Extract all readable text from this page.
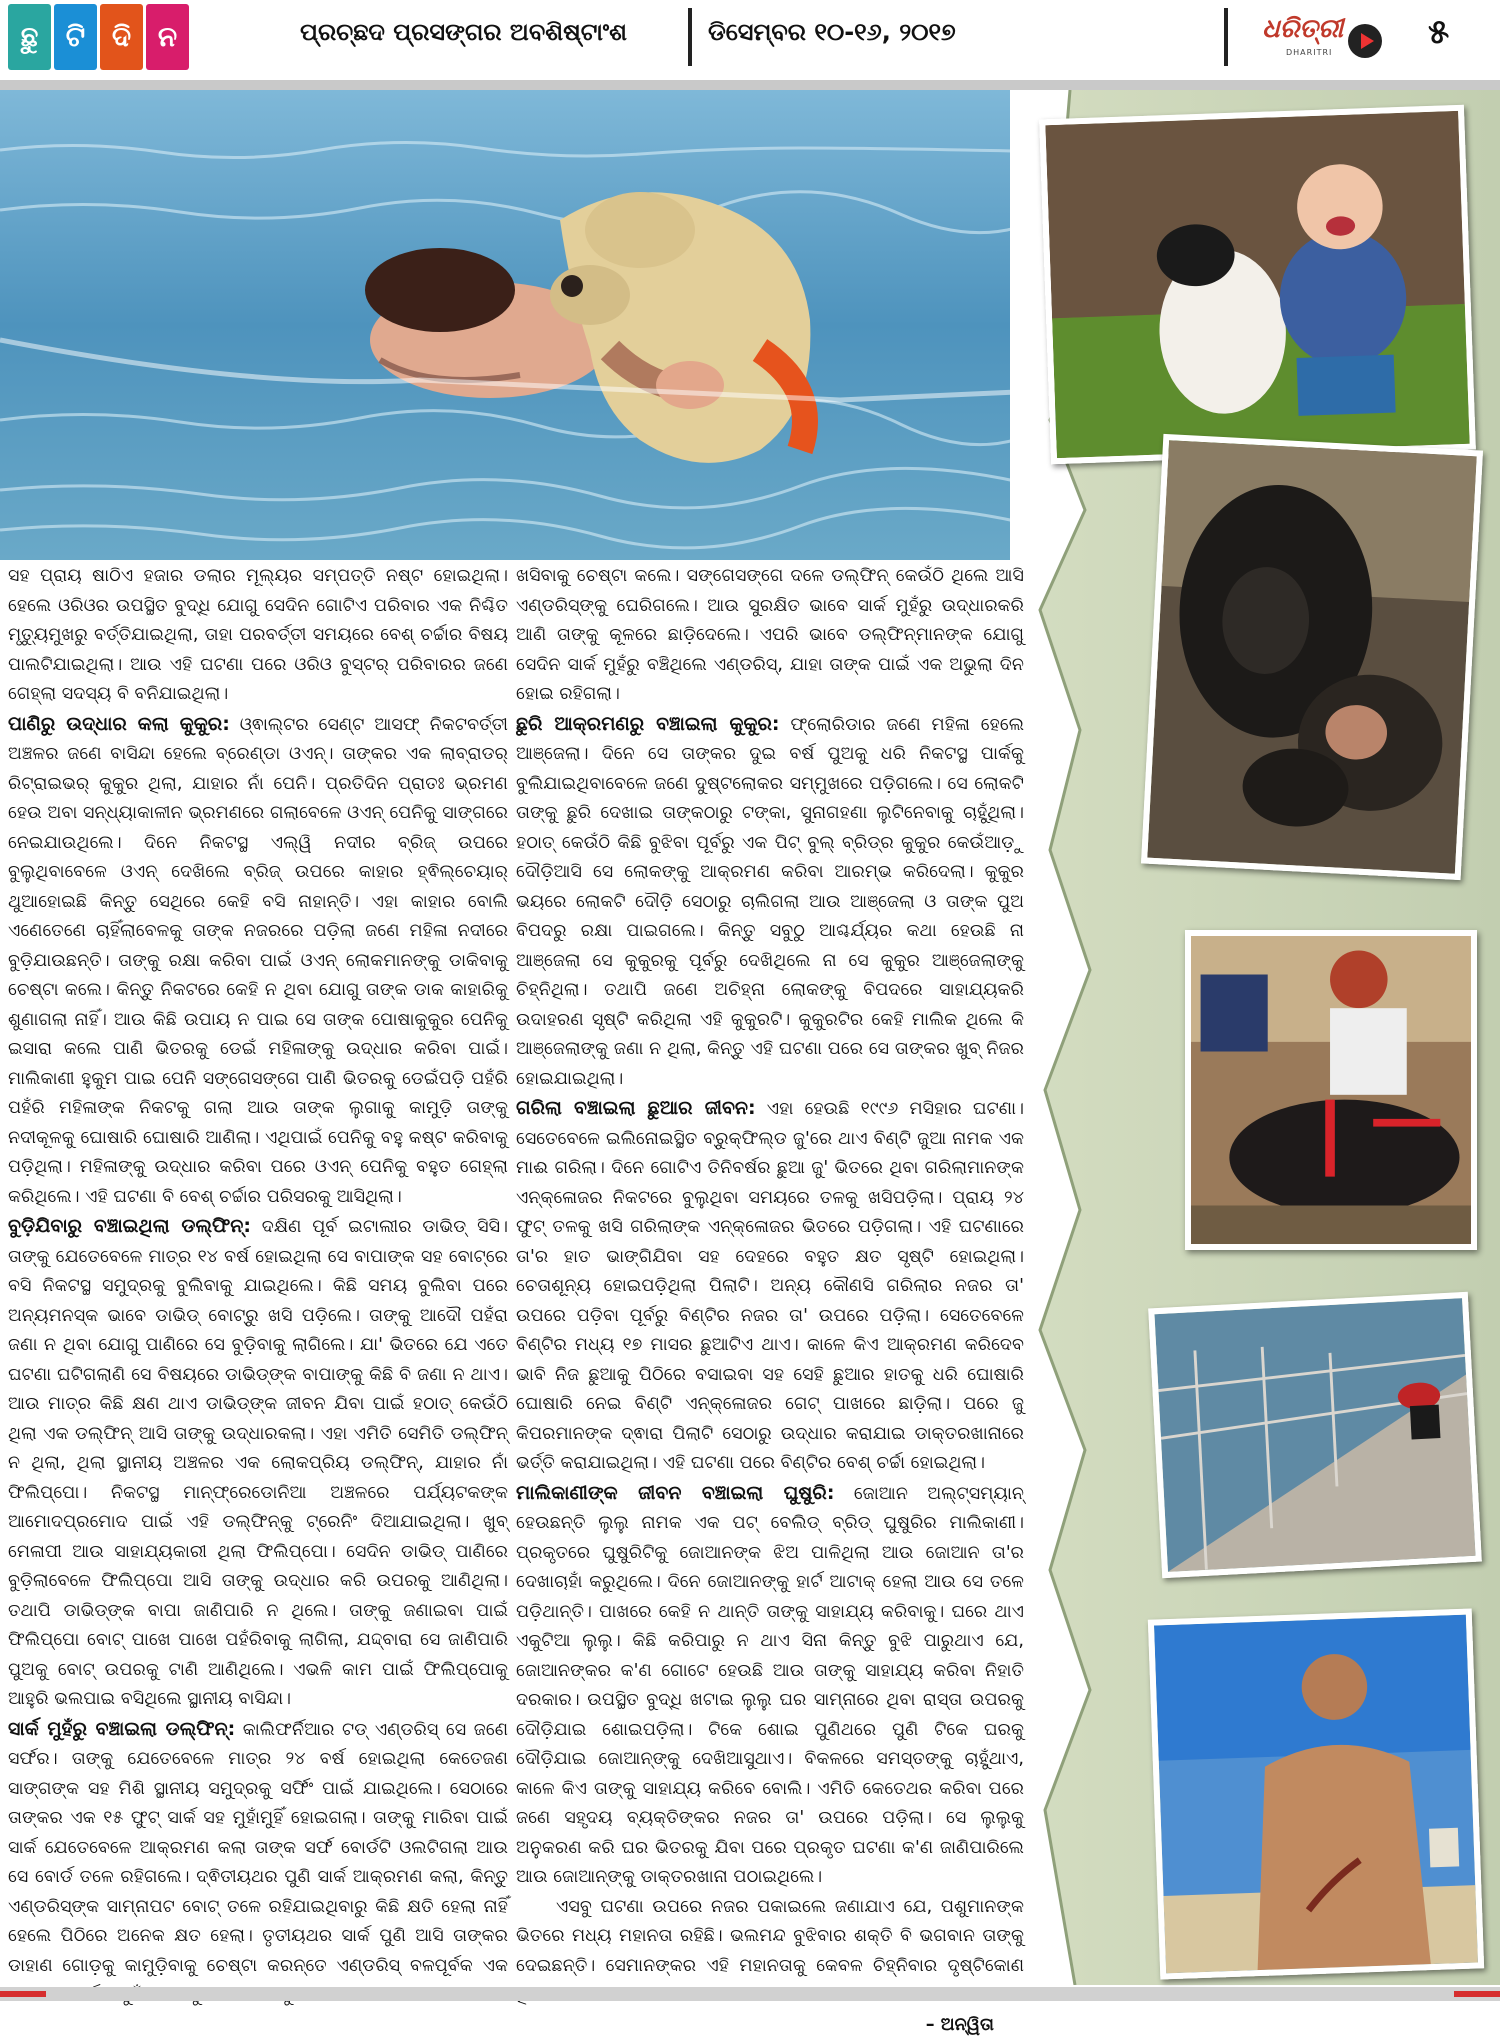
ଛୁ ଟି ଦି ନ	ପ୍ରଚ୍ଛଦ ପ୍ରସଙ୍ଗର ଅବଶିଷ୍ଟାଂଶ	ଡିସେମ୍ବର ୧୦-୧୬, ୨୦୧୭	ଧରିତ୍ରୀ
DHARITRI
୫

ସହ ପ୍ରାୟ ଷାଠିଏ ହଜାର ଡଲାର ମୂଲ୍ୟର ସମ୍ପତ୍ତି ନଷ୍ଟ ହୋଇଥିଲା। ହେଲେ ଓରିଓର ଉପସ୍ଥିତ ବୁଦ୍ଧି ଯୋଗୁ ସେଦିନ ଗୋଟିଏ ପରିବାର ଏକ ନିଶ୍ଚିତ ମୃତ୍ୟୁମୁଖରୁ ବର୍ତ୍ତିଯାଇଥିଲା, ତାହା ପରବର୍ତ୍ତୀ ସମୟରେ ବେଶ୍ ଚର୍ଚ୍ଚାର ବିଷୟ ପାଲଟିଯାଇଥିଲା। ଆଉ ଏହି ଘଟଣା ପରେ ଓରିଓ ବୁସ୍‌ଟର୍ ପରିବାରର ଜଣେ ଗେହ୍ଲା ସଦସ୍ୟ ବି ବନିଯାଇଥିଲା।

ପାଣିରୁ ଉଦ୍ଧାର କଲା କୁକୁର: ଓ୍ଵାଲ୍ଟର ସେଣ୍ଟ ଆସଫ୍ ନିକଟବର୍ତ୍ତୀ ଅଞ୍ଚଳର ଜଣେ ବାସିନ୍ଦା ହେଲେ ବ୍ରେଣ୍ଡା ଓଏନ୍। ତାଙ୍କର ଏକ ଲାବ୍ରାଡର୍ ରିଟ୍ରାଇଭର୍ କୁକୁର ଥିଲା, ଯାହାର ନାଁ ପେନି। ପ୍ରତିଦିନ ପ୍ରାତଃ ଭ୍ରମଣ ହେଉ ଅବା ସନ୍ଧ୍ୟାକାଳୀନ ଭ୍ରମଣରେ ଗଲାବେଳେ ଓଏନ୍ ପେନିକୁ ସାଙ୍ଗରେ ନେଇଯାଉଥିଲେ। ଦିନେ ନିକଟସ୍ଥ ଏଲ୍‌ୱି ନଦୀର ବ୍ରିଜ୍ ଉପରେ ବୁଲୁଥିବାବେଳେ ଓଏନ୍ ଦେଖିଲେ ବ୍ରିଜ୍ ଉପରେ କାହାର ହ୍ଵିଲ୍‌ଚେୟାର୍ ଥୁଆହୋଇଛି କିନ୍ତୁ ସେଥିରେ କେହି ବସି ନାହାନ୍ତି। ଏହା କାହାର ବୋଲି ଏଣେତେଣେ ଚାହିଁଲାବେଳକୁ ତାଙ୍କ ନଜରରେ ପଡ଼ିଲା ଜଣେ ମହିଳା ନଦୀରେ ବୁଡ଼ିଯାଉଛନ୍ତି। ତାଙ୍କୁ ରକ୍ଷା କରିବା ପାଇଁ ଓଏନ୍ ଲୋକମାନଙ୍କୁ ଡାକିବାକୁ ଚେଷ୍ଟା କଲେ। କିନ୍ତୁ ନିକଟରେ କେହି ନ ଥିବା ଯୋଗୁ ତାଙ୍କ ଡାକ କାହାରିକୁ ଶୁଣାଗଲା ନାହିଁ। ଆଉ କିଛି ଉପାୟ ନ ପାଇ ସେ ତାଙ୍କ ପୋଷାକୁକୁର ପେନିକୁ ଇସାରା କଲେ ପାଣି ଭିତରକୁ ଡେଇଁ ମହିଳାଙ୍କୁ ଉଦ୍ଧାର କରିବା ପାଇଁ। ମାଲିକାଣୀ ହୁକୁମ ପାଇ ପେନି ସଙ୍ଗେସଙ୍ଗେ ପାଣି ଭିତରକୁ ଡେଇଁପଡ଼ି ପହଁରି ପହଁରି ମହିଳାଙ୍କ ନିକଟକୁ ଗଲା ଆଉ ତାଙ୍କ ଲୁଗାକୁ କାମୁଡ଼ି ତାଙ୍କୁ ନଦୀକୂଳକୁ ଘୋଷାରି ଘୋଷାରି ଆଣିଲା। ଏଥିପାଇଁ ପେନିକୁ ବହୁ କଷ୍ଟ କରିବାକୁ ପଡ଼ିଥିଲା। ମହିଳାଙ୍କୁ ଉଦ୍ଧାର କରିବା ପରେ ଓଏନ୍ ପେନିକୁ ବହୁତ ଗେହ୍ଲା କରିଥିଲେ। ଏହି ଘଟଣା ବି ବେଶ୍ ଚର୍ଚ୍ଚାର ପରିସରକୁ ଆସିଥିଲା।

ବୁଡ଼ିଯିବାରୁ ବଞ୍ଚାଇଥିଲା ଡଲ୍‌ଫିନ୍: ଦକ୍ଷିଣ ପୂର୍ବ ଇଟାଲୀର ଡାଭିଡ୍ ସିସି। ତାଙ୍କୁ ଯେତେବେଳେ ମାତ୍ର ୧୪ ବର୍ଷ ହୋଇଥିଲା ସେ ବାପାଙ୍କ ସହ ବୋଟ୍‌ରେ ବସି ନିକଟସ୍ଥ ସମୁଦ୍ରକୁ ବୁଲିବାକୁ ଯାଇଥିଲେ। କିଛି ସମୟ ବୁଲିବା ପରେ ଅନ୍ୟମନସ୍କ ଭାବେ ଡାଭିଡ୍ ବୋଟ୍‌ରୁ ଖସି ପଡ଼ିଲେ। ତାଙ୍କୁ ଆଦୌ ପହଁରା ଜଣା ନ ଥିବା ଯୋଗୁ ପାଣିରେ ସେ ବୁଡ଼ିବାକୁ ଲାଗିଲେ। ଯା' ଭିତରେ ଯେ ଏତେ ଘଟଣା ଘଟିଗଲାଣି ସେ ବିଷୟରେ ଡାଭିଡ୍‌ଙ୍କ ବାପାଙ୍କୁ କିଛି ବି ଜଣା ନ ଥାଏ। ଆଉ ମାତ୍ର କିଛି କ୍ଷଣ ଥାଏ ଡାଭିଡ୍‌ଙ୍କ ଜୀବନ ଯିବା ପାଇଁ ହଠାତ୍ କେଉଁଠି ଥିଲା ଏକ ଡଲ୍‌ଫିନ୍ ଆସି ତାଙ୍କୁ ଉଦ୍ଧାରକଲା। ଏହା ଏମିତି ସେମିତି ଡଲ୍‌ଫିନ୍ ନ ଥିଲା, ଥିଲା ସ୍ଥାନୀୟ ଅଞ୍ଚଳର ଏକ ଲୋକପ୍ରିୟ ଡଲ୍‌ଫିନ୍, ଯାହାର ନାଁ ଫିଲିପ୍ପୋ। ନିକଟସ୍ଥ ମାନ୍‌ଫ୍ରେଡୋନିଆ ଅଞ୍ଚଳରେ ପର୍ଯ୍ୟଟକଙ୍କ ଆମୋଦପ୍ରମୋଦ ପାଇଁ ଏହି ଡଲ୍‌ଫିନ୍‌କୁ ଟ୍ରେନିଂ ଦିଆଯାଇଥିଲା। ଖୁବ୍ ମେଳାପୀ ଆଉ ସାହାଯ୍ୟକାରୀ ଥିଲା ଫିଲିପ୍ପୋ। ସେଦିନ ଡାଭିଡ୍ ପାଣିରେ ବୁଡ଼ିଲାବେଳେ ଫିଲିପ୍ପୋ ଆସି ତାଙ୍କୁ ଉଦ୍ଧାର କରି ଉପରକୁ ଆଣିଥିଲା। ତଥାପି ଡାଭିଡ୍‌ଙ୍କ ବାପା ଜାଣିପାରି ନ ଥିଲେ। ତାଙ୍କୁ ଜଣାଇବା ପାଇଁ ଫିଲିପ୍ପୋ ବୋଟ୍ ପାଖେ ପାଖେ ପହଁରିବାକୁ ଲାଗିଲା, ଯଦ୍ଦ୍ବାରା ସେ ଜାଣିପାରି ପୁଅକୁ ବୋଟ୍ ଉପରକୁ ଟାଣି ଆଣିଥିଲେ। ଏଭଳି କାମ ପାଇଁ ଫିଲିପ୍ପୋକୁ ଆହୁରି ଭଲପାଇ ବସିଥିଲେ ସ୍ଥାନୀୟ ବାସିନ୍ଦା।

ସାର୍କ ମୁହଁରୁ ବଞ୍ଚାଇଲା ଡଲ୍‌ଫିନ୍: କାଲିଫର୍ନିଆର ଟଡ୍ ଏଣ୍ଡରିସ୍ ସେ ଜଣେ ସର୍ଫର। ତାଙ୍କୁ ଯେତେବେଳେ ମାତ୍ର ୨୪ ବର୍ଷ ହୋଇଥିଲା କେତେଜଣ ସାଙ୍ଗଙ୍କ ସହ ମିଶି ସ୍ଥାନୀୟ ସମୁଦ୍ରକୁ ସର୍ଫିଂ ପାଇଁ ଯାଇଥିଲେ। ସେଠାରେ ତାଙ୍କର ଏକ ୧୫ ଫୁଟ୍ ସାର୍କ ସହ ମୁହାଁମୁହିଁ ହୋଇଗଲା। ତାଙ୍କୁ ମାରିବା ପାଇଁ ସାର୍କ ଯେତେବେଳେ ଆକ୍ରମଣ କଲା ତାଙ୍କ ସର୍ଫ ବୋର୍ଡଟି ଓଲଟିଗଲା ଆଉ ସେ ବୋର୍ଡ ତଳେ ରହିଗଲେ। ଦ୍ଵିତୀୟଥର ପୁଣି ସାର୍କ ଆକ୍ରମଣ କଲା, କିନ୍ତୁ ଏଣ୍ଡରିସ୍‌ଙ୍କ ସାମ୍ନାପଟ ବୋଟ୍ ତଳେ ରହିଯାଇଥିବାରୁ କିଛି କ୍ଷତି ହେଲା ନାହିଁ ହେଲେ ପିଠିରେ ଅନେକ କ୍ଷତ ହେଲା। ତୃତୀୟଥର ସାର୍କ ପୁଣି ଆସି ତାଙ୍କର ଡାହାଣ ଗୋଡ଼କୁ କାମୁଡ଼ିବାକୁ ଚେଷ୍ଟା କରନ୍ତେ ଏଣ୍ଡରିସ୍ ବଳପୂର୍ବକ ଏକ

ଖସିବାକୁ ଚେଷ୍ଟା କଲେ। ସଙ୍ଗେସଙ୍ଗେ ଦଳେ ଡଲ୍‌ଫିନ୍ କେଉଁଠି ଥିଲେ ଆସି ଏଣ୍ଡରିସ୍‌ଙ୍କୁ ଘେରିଗଲେ। ଆଉ ସୁରକ୍ଷିତ ଭାବେ ସାର୍କ ମୁହଁରୁ ଉଦ୍ଧାରକରି ଆଣି ତାଙ୍କୁ କୂଳରେ ଛାଡ଼ିଦେଲେ। ଏପରି ଭାବେ ଡଲ୍‌ଫିନ୍‌ମାନଙ୍କ ଯୋଗୁ ସେଦିନ ସାର୍କ ମୁହଁରୁ ବଞ୍ଚିଥିଲେ ଏଣ୍ଡରିସ୍, ଯାହା ତାଙ୍କ ପାଇଁ ଏକ ଅଭୁଲା ଦିନ ହୋଇ ରହିଗଲା।

ଛୁରି ଆକ୍ରମଣରୁ ବଞ୍ଚାଇଲା କୁକୁର: ଫ୍ଲୋରିଡାର ଜଣେ ମହିଳା ହେଲେ ଆଞ୍ଜେଲା। ଦିନେ ସେ ତାଙ୍କର ଦୁଇ ବର୍ଷ ପୁଅକୁ ଧରି ନିକଟସ୍ଥ ପାର୍କକୁ ବୁଲିଯାଇଥିବାବେଳେ ଜଣେ ଦୁଷ୍ଟଲୋକର ସମ୍ମୁଖରେ ପଡ଼ିଗଲେ। ସେ ଲୋକଟି ତାଙ୍କୁ ଛୁରି ଦେଖାଇ ତାଙ୍କଠାରୁ ଟଙ୍କା, ସୁନାଗହଣା ଲୁଟିନେବାକୁ ଚାହୁଁଥିଲା। ହଠାତ୍ କେଉଁଠି କିଛି ବୁଝିବା ପୂର୍ବରୁ ଏକ ପିଟ୍ ବୁଲ୍ ବ୍ରିଡ୍‌ର କୁକୁର କେଉଁଆଡ଼ୁ ଦୌଡ଼ିଆସି ସେ ଲୋକଙ୍କୁ ଆକ୍ରମଣ କରିବା ଆରମ୍ଭ କରିଦେଲା। କୁକୁର ଭୟରେ ଲୋକଟି ଦୌଡ଼ି ସେଠାରୁ ଚାଲିଗଲା ଆଉ ଆଞ୍ଜେଲା ଓ ତାଙ୍କ ପୁଅ ବିପଦରୁ ରକ୍ଷା ପାଇଗଲେ। କିନ୍ତୁ ସବୁଠୁ ଆଶ୍ଚର୍ଯ୍ୟର କଥା ହେଉଛି ନା ଆଞ୍ଜେଲା ସେ କୁକୁରକୁ ପୂର୍ବରୁ ଦେଖିଥିଲେ ନା ସେ କୁକୁର ଆଞ୍ଜେଲାଙ୍କୁ ଚିହ୍ନିଥିଲା। ତଥାପି ଜଣେ ଅଚିହ୍ନା ଲୋକଙ୍କୁ ବିପଦରେ ସାହାଯ୍ୟକରି ଉଦାହରଣ ସୃଷ୍ଟି କରିଥିଲା ଏହି କୁକୁରଟି। କୁକୁରଟିର କେହି ମାଲିକ ଥିଲେ କି ଆଞ୍ଜେଲାଙ୍କୁ ଜଣା ନ ଥିଲା, କିନ୍ତୁ ଏହି ଘଟଣା ପରେ ସେ ତାଙ୍କର ଖୁବ୍ ନିଜର ହୋଇଯାଇଥିଲା।

ଗରିଲା ବଞ୍ଚାଇଲା ଛୁଆର ଜୀବନ: ଏହା ହେଉଛି ୧୯୯୬ ମସିହାର ଘଟଣା। ସେତେବେଳେ ଇଲିନୋଇସ୍ଥିତ ବ୍ରୁକ୍‌ଫିଲ୍ଡ ଜୁ'ରେ ଥାଏ ବିଣ୍ଟି ଜୁଆ ନାମକ ଏକ ମାଈ ଗରିଲା। ଦିନେ ଗୋଟିଏ ତିନିବର୍ଷର ଛୁଆ ଜୁ' ଭିତରେ ଥିବା ଗରିଲାମାନଙ୍କ ଏନ୍‌କ୍ଳୋଜର ନିକଟରେ ବୁଲୁଥିବା ସମୟରେ ତଳକୁ ଖସିପଡ଼ିଲା। ପ୍ରାୟ ୨୪ ଫୁଟ୍ ତଳକୁ ଖସି ଗରିଲାଙ୍କ ଏନ୍‌କ୍ଳୋଜର ଭିତରେ ପଡ଼ିଗଲା। ଏହି ଘଟଣାରେ ତା'ର ହାତ ଭାଙ୍ଗିଯିବା ସହ ଦେହରେ ବହୁତ କ୍ଷତ ସୃଷ୍ଟି ହୋଇଥିଲା। ଚେତାଶୂନ୍ୟ ହୋଇପଡ଼ିଥିଲା ପିଲାଟି। ଅନ୍ୟ କୌଣସି ଗରିଲାର ନଜର ତା' ଉପରେ ପଡ଼ିବା ପୂର୍ବରୁ ବିଣ୍ଟିର ନଜର ତା' ଉପରେ ପଡ଼ିଲା। ସେତେବେଳେ ବିଣ୍ଟିର ମଧ୍ୟ ୧୭ ମାସର ଛୁଆଟିଏ ଥାଏ। କାଳେ କିଏ ଆକ୍ରମଣ କରିଦେବ ଭାବି ନିଜ ଛୁଆକୁ ପିଠିରେ ବସାଇବା ସହ ସେହି ଛୁଆର ହାତକୁ ଧରି ଘୋଷାରି ଘୋଷାରି ନେଇ ବିଣ୍ଟି ଏନ୍‌କ୍ଳୋଜର ଗେଟ୍ ପାଖରେ ଛାଡ଼ିଲା। ପରେ ଜୁ କିପରମାନଙ୍କ ଦ୍ଵାରା ପିଲାଟି ସେଠାରୁ ଉଦ୍ଧାର କରାଯାଇ ଡାକ୍ତରଖାନାରେ ଭର୍ତ୍ତି କରାଯାଇଥିଲା। ଏହି ଘଟଣା ପରେ ବିଣ୍ଟିର ବେଶ୍ ଚର୍ଚ୍ଚା ହୋଇଥିଲା।

ମାଲିକାଣୀଙ୍କ ଜୀବନ ବଞ୍ଚାଇଲା ଘୁଷୁରି: ଜୋଆନ ଅଲ୍‌ଟ୍ସମ୍ୟାନ୍ ହେଉଛନ୍ତି ଲୁଲୁ ନାମକ ଏକ ପଟ୍ ବେଲିଡ୍ ବ୍ରିଡ୍ ଘୁଷୁରିର ମାଲିକାଣୀ। ପ୍ରକୃତରେ ଘୁଷୁରିଟିକୁ ଜୋଆନଙ୍କ ଝିଅ ପାଳିଥିଲା ଆଉ ଜୋଆନ ତା'ର ଦେଖାଚାହାଁ କରୁଥିଲେ। ଦିନେ ଜୋଆନଙ୍କୁ ହାର୍ଟ ଆଟାକ୍ ହେଲା ଆଉ ସେ ତଳେ ପଡ଼ିଥାନ୍ତି। ପାଖରେ କେହି ନ ଥାନ୍ତି ତାଙ୍କୁ ସାହାଯ୍ୟ କରିବାକୁ। ଘରେ ଥାଏ ଏକୁଟିଆ ଲୁଲୁ। କିଛି କରିପାରୁ ନ ଥାଏ ସିନା କିନ୍ତୁ ବୁଝି ପାରୁଥାଏ ଯେ, ଜୋଆନଙ୍କର କ'ଣ ଗୋଟେ ହେଉଛି ଆଉ ତାଙ୍କୁ ସାହାଯ୍ୟ କରିବା ନିହାତି ଦରକାର। ଉପସ୍ଥିତ ବୁଦ୍ଧି ଖଟାଇ ଲୁଲୁ ଘର ସାମ୍ନାରେ ଥିବା ରାସ୍ତା ଉପରକୁ ଦୌଡ଼ିଯାଇ ଶୋଇପଡ଼ିଲା। ଟିକେ ଶୋଇ ପୁଣିଥରେ ପୁଣି ଟିକେ ଘରକୁ ଦୌଡ଼ିଯାଇ ଜୋଆନ୍‌ଙ୍କୁ ଦେଖିଆସୁଥାଏ। ବିକଳରେ ସମସ୍ତଙ୍କୁ ଚାହୁଁଥାଏ, କାଳେ କିଏ ତାଙ୍କୁ ସାହାଯ୍ୟ କରିବେ ବୋଲି। ଏମିତି କେତେଥର କରିବା ପରେ ଜଣେ ସହୃଦୟ ବ୍ୟକ୍ତିଙ୍କର ନଜର ତା' ଉପରେ ପଡ଼ିଲା। ସେ ଲୁଲୁକୁ ଅନୁକରଣ କରି ଘର ଭିତରକୁ ଯିବା ପରେ ପ୍ରକୃତ ଘଟଣା କ'ଣ ଜାଣିପାରିଲେ ଆଉ ଜୋଆନ୍‌ଙ୍କୁ ଡାକ୍ତରଖାନା ପଠାଇଥିଲେ।

ଏସବୁ ଘଟଣା ଉପରେ ନଜର ପକାଇଲେ ଜଣାଯାଏ ଯେ, ପଶୁମାନଙ୍କ ଭିତରେ ମଧ୍ୟ ମହାନତା ରହିଛି। ଭଲମନ୍ଦ ବୁଝିବାର ଶକ୍ତି ବି ଭଗବାନ ତାଙ୍କୁ ଦେଇଛନ୍ତି। ସେମାନଙ୍କର ଏହି ମହାନତାକୁ କେବଳ ଚିହ୍ନିବାର ଦୃଷ୍ଟିକୋଣ

– ଅନ୍ୱିତା
